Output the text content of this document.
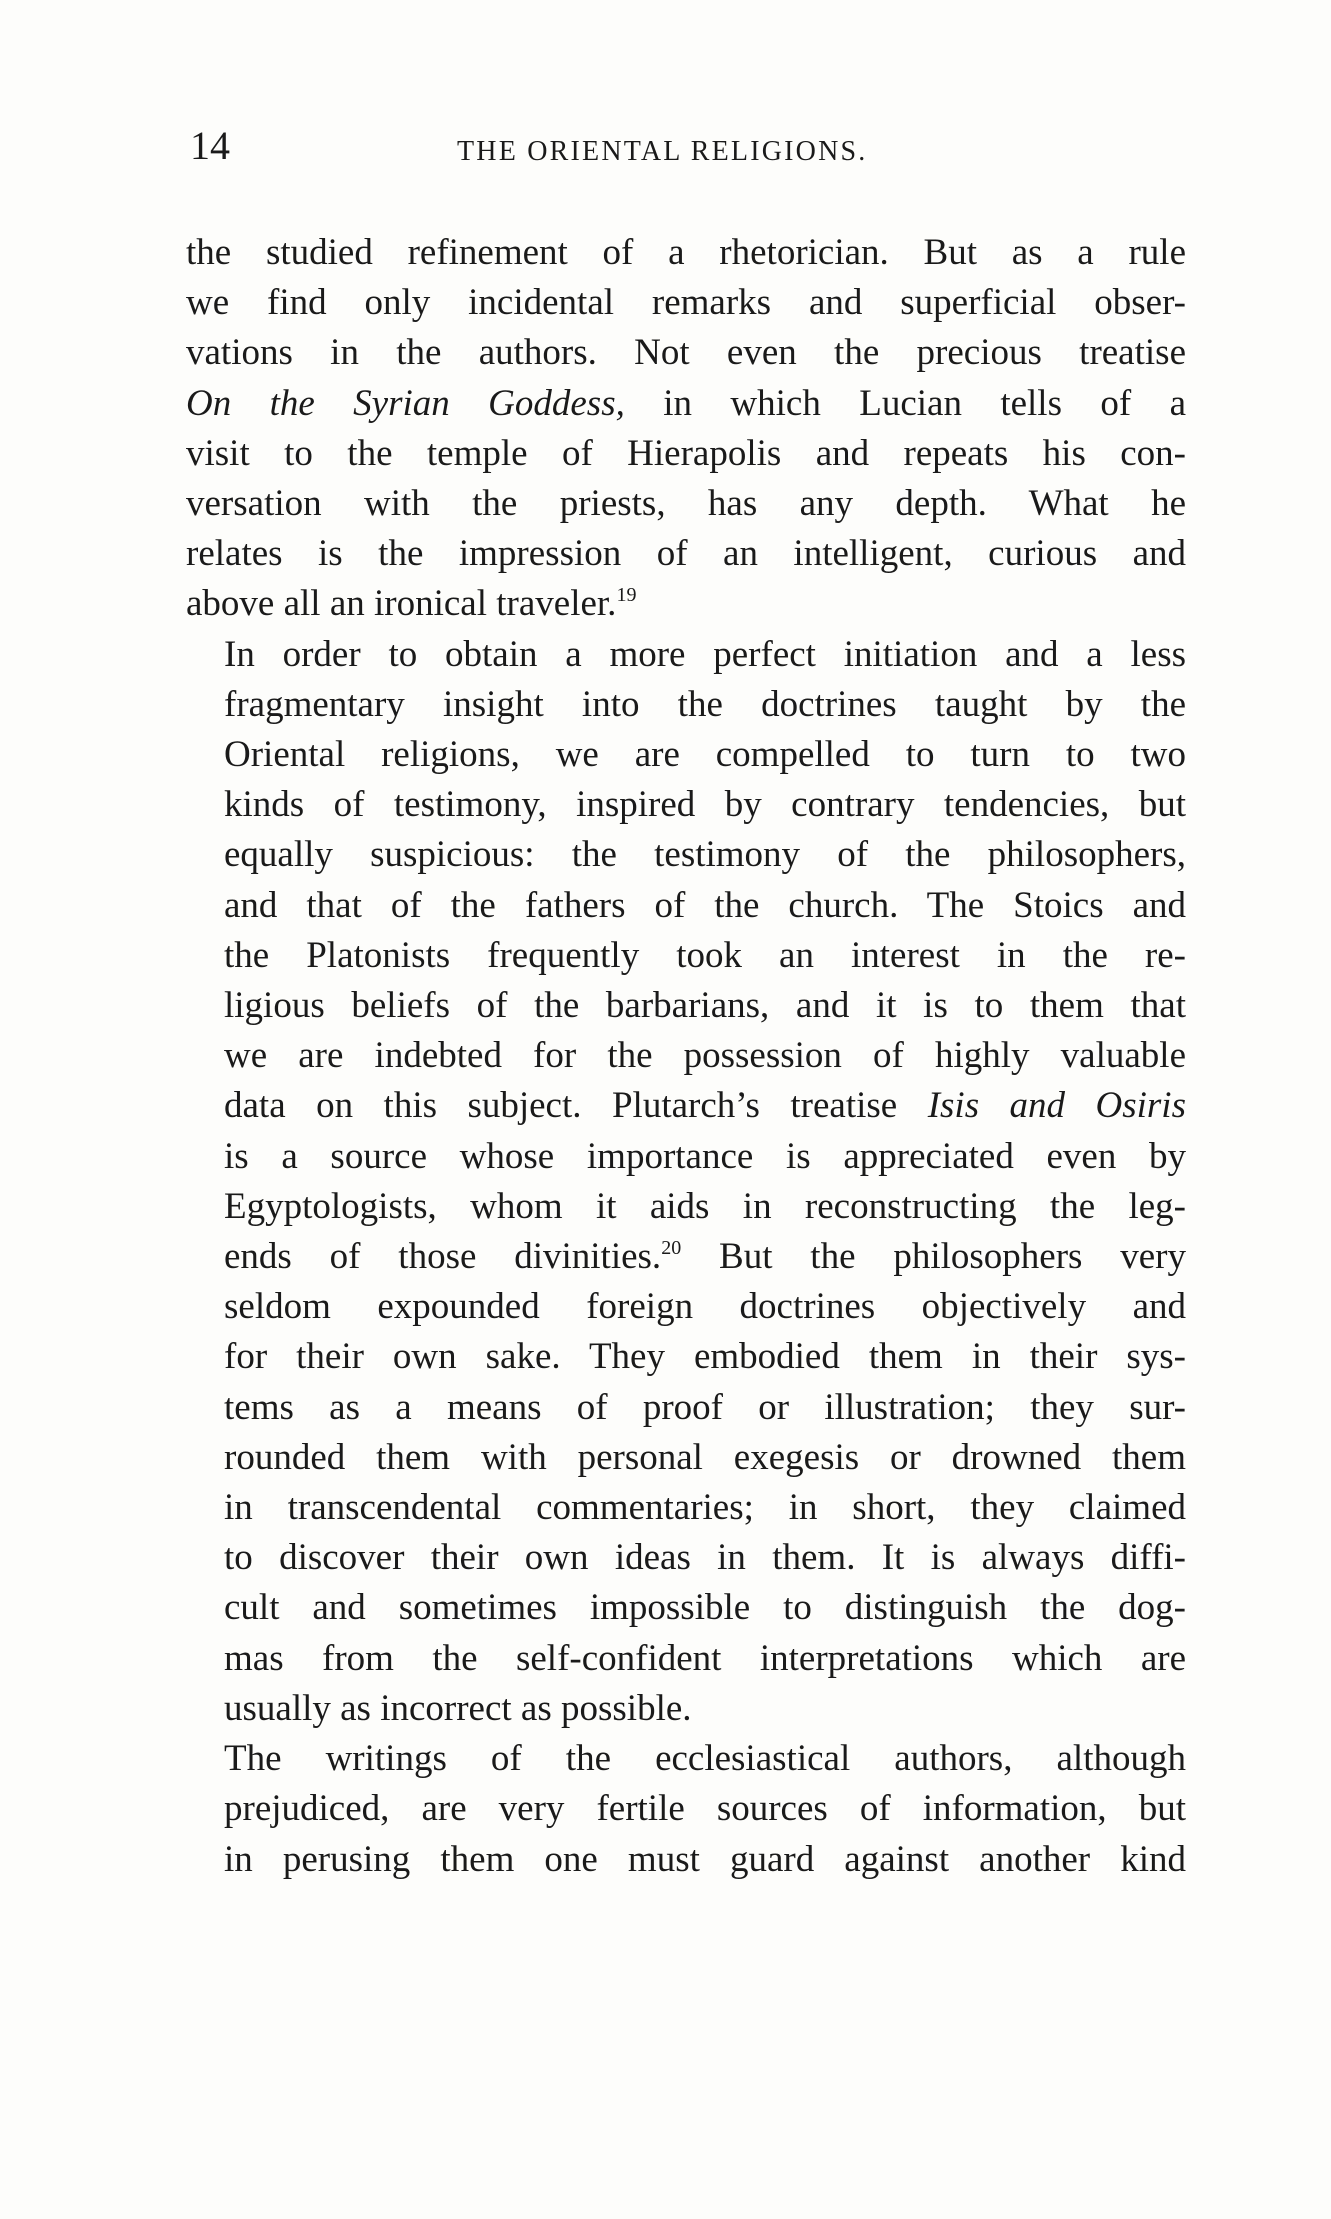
14	THE ORIENTAL RELIGIONS.

the studied refinement of a rhetorician. But as a rule
we find only incidental remarks and superficial obser-
vations in the authors. Not even the precious treatise
On the Syrian Goddess, in which Lucian tells of a
visit to the temple of Hierapolis and repeats his con-
versation with the priests, has any depth. What he
relates is the impression of an intelligent, curious and
above all an ironical traveler.$^{19}$

In order to obtain a more perfect initiation and a less
fragmentary insight into the doctrines taught by the
Oriental religions, we are compelled to turn to two
kinds of testimony, inspired by contrary tendencies, but
equally suspicious: the testimony of the philosophers,
and that of the fathers of the church. The Stoics and
the Platonists frequently took an interest in the re-
ligious beliefs of the barbarians, and it is to them that
we are indebted for the possession of highly valuable
data on this subject. Plutarch’s treatise Isis and Osiris
is a source whose importance is appreciated even by
Egyptologists, whom it aids in reconstructing the leg-
ends of those divinities.$^{20}$ But the philosophers very
seldom expounded foreign doctrines objectively and
for their own sake. They embodied them in their sys-
tems as a means of proof or illustration; they sur-
rounded them with personal exegesis or drowned them
in transcendental commentaries; in short, they claimed
to discover their own ideas in them. It is always diffi-
cult and sometimes impossible to distinguish the dog-
mas from the self-confident interpretations which are
usually as incorrect as possible.

The writings of the ecclesiastical authors, although
prejudiced, are very fertile sources of information, but
in perusing them one must guard against another kind
